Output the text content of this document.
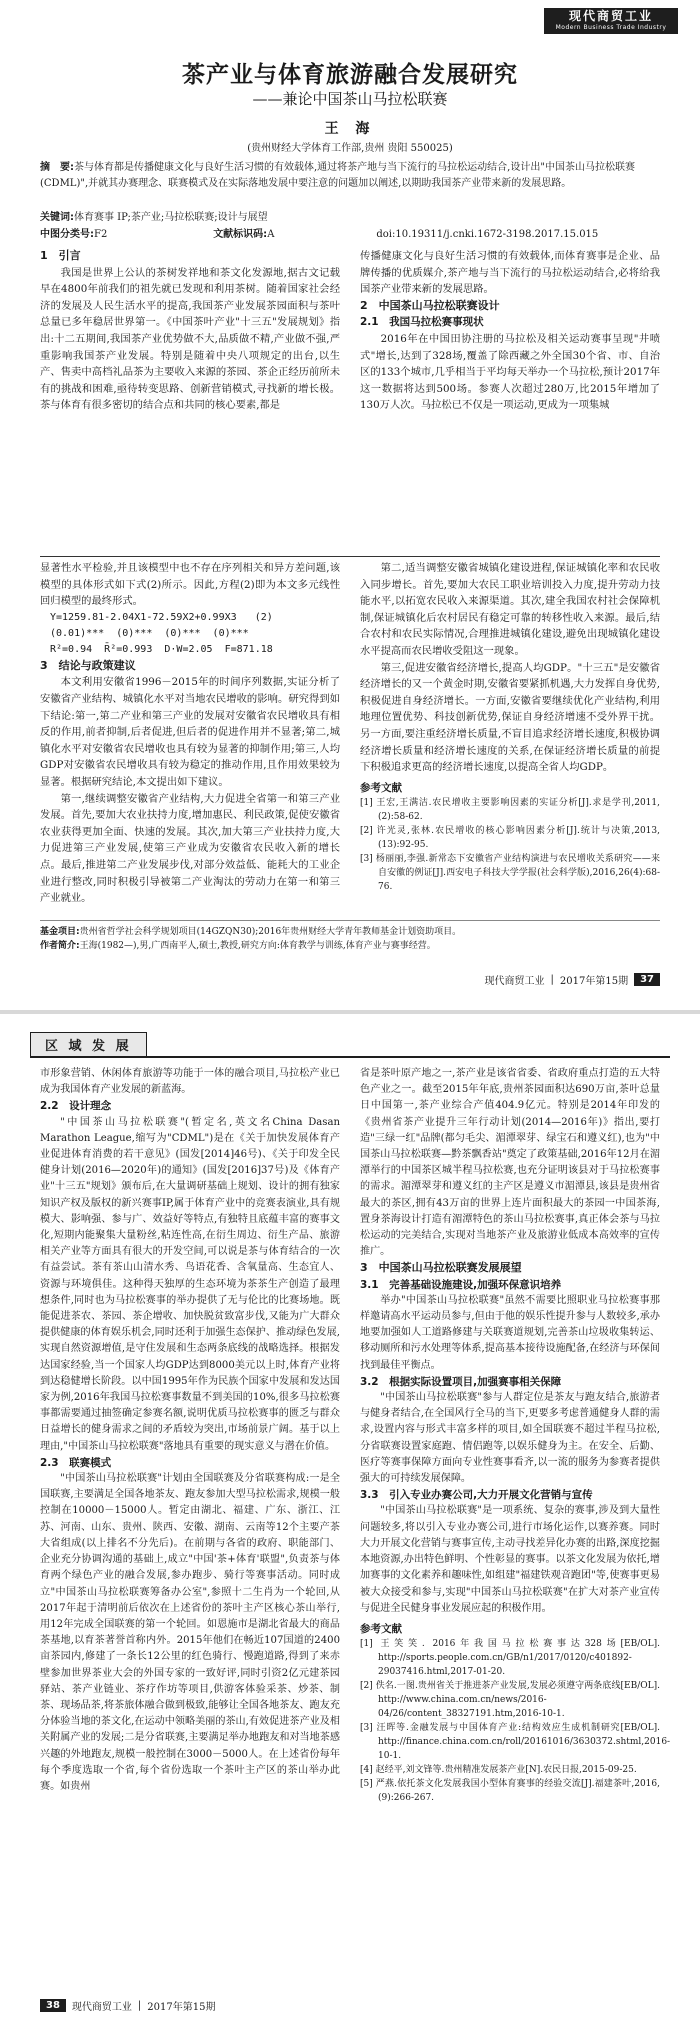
现代商贸工业
Modern Business Trade Industry
茶产业与体育旅游融合发展研究
——兼论中国茶山马拉松联赛
王 海
(贵州财经大学体育工作部,贵州 贵阳 550025)
摘　要:茶与体育都是传播健康文化与良好生活习惯的有效载体,通过将茶产地与当下流行的马拉松运动结合,设计出"中国茶山马拉松联赛(CDML)",并就其办赛理念、联赛模式及在实际落地发展中要注意的问题加以阐述,以期助我国茶产业带来新的发展思路。
关键词:体育赛事 IP;茶产业;马拉松联赛;设计与展望
中图分类号:F2	文献标识码:A	doi:10.19311/j.cnki.1672-3198.2017.15.015

1　引言

我国是世界上公认的茶树发祥地和茶文化发源地,据古文记载早在4800年前我们的祖先就已发现和利用茶树。随着国家社会经济的发展及人民生活水平的提高,我国茶产业发展茶园面积与茶叶总量已多年稳居世界第一。《中国茶叶产业"十三五"发展规划》指出:十二五期间,我国茶产业优势做不大,品质做不精,产业做不强,严重影响我国茶产业发展。特别是随着中央八项规定的出台,以生产、售卖中高档礼品茶为主要收入来源的茶园、茶企正经历前所未有的挑战和困难,亟待转变思路、创新营销模式,寻找新的增长极。茶与体育有很多密切的结合点和共同的核心要素,都是

传播健康文化与良好生活习惯的有效载体,而体育赛事是企业、品牌传播的优质媒介,茶产地与当下流行的马拉松运动结合,必将给我国茶产业带来新的发展思路。

2　中国茶山马拉松联赛设计

2.1　我国马拉松赛事现状

2016年在中国田协注册的马拉松及相关运动赛事呈现"井喷式"增长,达到了328场,覆盖了除西藏之外全国30个省、市、自治区的133个城市,几乎相当于平均每天举办一个马拉松,预计2017年这一数据将达到500场。参赛人次超过280万,比2015年增加了130万人次。马拉松已不仅是一项运动,更成为一项集城

显著性水平检验,并且该模型中也不存在序列相关和异方差问题,该模型的具体形式如下式(2)所示。因此,方程(2)即为本文多元线性回归模型的最终形式。

Y=1259.81-2.04X1-72.59X2+0.99X3   (2)
(0.01)***  (0)***  (0)***  (0)***
R²=0.94  R̄²=0.993  D·W=2.05  F=871.18

3　结论与政策建议

本文利用安徽省1996－2015年的时间序列数据,实证分析了安徽省产业结构、城镇化水平对当地农民增收的影响。研究得到如下结论:第一,第二产业和第三产业的发展对安徽省农民增收具有相反的作用,前者抑制,后者促进,但后者的促进作用并不显著;第二,城镇化水平对安徽省农民增收也具有较为显著的抑制作用;第三,人均GDP对安徽省农民增收具有较为稳定的推动作用,且作用效果较为显著。根据研究结论,本文提出如下建议。

第一,继续调整安徽省产业结构,大力促进全省第一和第三产业发展。首先,要加大农业扶持力度,增加惠民、利民政策,促使安徽省农业获得更加全面、快速的发展。其次,加大第三产业扶持力度,大力促进第三产业发展,使第三产业成为安徽省农民收入新的增长点。最后,推进第二产业发展步伐,对部分效益低、能耗大的工业企业进行整改,同时积极引导被第二产业淘汰的劳动力在第一和第三产业就业。

第二,适当调整安徽省城镇化建设进程,保证城镇化率和农民收入同步增长。首先,要加大农民工职业培训投入力度,提升劳动力技能水平,以拓宽农民收入来源渠道。其次,建全我国农村社会保障机制,保证城镇化后农村居民有稳定可靠的转移性收入来源。最后,结合农村和农民实际情况,合理推进城镇化建设,避免出现城镇化建设水平提高而农民增收受阻这一现象。

第三,促进安徽省经济增长,提高人均GDP。"十三五"是安徽省经济增长的又一个黄金时期,安徽省要紧抓机遇,大力发挥自身优势,积极促进自身经济增长。一方面,安徽省要继续优化产业结构,利用地理位置优势、科技创新优势,保证自身经济增速不受外界干扰。另一方面,要注重经济增长质量,不盲目追求经济增长速度,积极协调经济增长质量和经济增长速度的关系,在保证经济增长质量的前提下积极追求更高的经济增长速度,以提高全省人均GDP。

参考文献

[1] 王宏,王满洁.农民增收主要影响因素的实证分析[J].求是学刊,2011,(2):58-62.
[2] 许光灵,张林.农民增收的核心影响因素分析[J].统计与决策,2013,(13):92-95.
[3] 杨丽丽,李强.新常态下安徽省产业结构演进与农民增收关系研究——来自安徽的例证[J].西安电子科技大学学报(社会科学版),2016,26(4):68-76.
基金项目:贵州省哲学社会科学规划项目(14GZQN30);2016年贵州财经大学青年教师基金计划资助项目。
作者简介:王海(1982—),男,广西南平人,硕士,教授,研究方向:体育教学与训练,体育产业与赛事经营。
现代商贸工业 | 2017年第15期	37
区 域 发 展

市形象营销、休闲体育旅游等功能于一体的融合项目,马拉松产业已成为我国体育产业发展的新蓝海。

2.2　设计理念

"中国茶山马拉松联赛"(暂定名,英文名China Dasan Marathon League,缩写为"CDML")是在《关于加快发展体育产业促进体育消费的若干意见》(国发[2014]46号)、《关于印发全民健身计划(2016—2020年)的通知》(国发[2016]37号)及《体育产业"十三五"规划》颁布后,在大量调研基础上规划、设计的拥有独家知识产权及版权的新兴赛事IP,属于体育产业中的竞赛表演业,具有规模大、影响强、参与广、效益好等特点,有独特且底蕴丰富的赛事文化,短期内能聚集大量粉丝,粘连性高,在衍生周边、衍生产品、旅游相关产业等方面具有很大的开发空间,可以说是茶与体育结合的一次有益尝试。茶有茶山山清水秀、鸟语花香、含氧量高、生态宜人、资源与环境俱佳。这种得天独厚的生态环境为茶茶生产创造了最理想条件,同时也为马拉松赛事的举办提供了无与伦比的比赛场地。既能促进茶农、茶园、茶企增收、加快脱贫致富步伐,又能为广大群众提供健康的体育娱乐机会,同时还利于加强生态保护、推动绿色发展,实现自然资源增值,是守住发展和生态两条底线的战略选择。根据发达国家经验,当一个国家人均GDP达到8000美元以上时,体育产业将到达稳健增长阶段。以中国1995年作为民族个国家中发展和发达国家为例,2016年我国马拉松赛事数量不到美国的10%,很多马拉松赛事都需要通过抽签确定参赛名额,说明优质马拉松赛事的匮乏与群众日益增长的健身需求之间的矛盾较为突出,市场前景广阔。基于以上理由,"中国茶山马拉松联赛"落地具有重要的现实意义与潜在价值。

2.3　联赛模式

"中国茶山马拉松联赛"计划由全国联赛及分省联赛构成:一是全国联赛,主要满足全国各地茶友、跑友参加大型马拉松需求,规模一般控制在10000－15000人。暂定由湖北、福建、广东、浙江、江苏、河南、山东、贵州、陕西、安徽、湖南、云南等12个主要产茶大省组成(以上排名不分先后)。在前期与各省的政府、职能部门、企业充分协调沟通的基础上,成立"中国'茶+体育'联盟",负责茶与体育两个绿色产业的融合发展,参办跑步、骑行等赛事活动。同时成立"中国茶山马拉松联赛筹备办公室",参照十二生肖为一个轮回,从2017年起于清明前后依次在上述省份的茶叶主产区核心茶山举行,用12年完成全国联赛的第一个轮回。如恩施市是湖北省最大的商品茶基地,以育茶著誉首称内外。2015年他们在畅近107国道的2400亩茶园内,修建了一条长12公里的红色骑行、慢跑道路,得到了来赤壁参加世界茶业大会的外国专家的一致好评,同时引资2亿元建茶园驿站、茶产业链业、茶疗作坊等项目,供游客体验采茶、炒茶、制茶、现场品茶,将茶旅体融合做到极致,能够让全国各地茶友、跑友充分体验当地的茶文化,在运动中领略美丽的茶山,有效促进茶产业及相关附属产业的发展;二是分省联赛,主要满足举办地跑友和对当地茶感兴趣的外地跑友,规模一般控制在3000－5000人。在上述省份每年每个季度选取一个省,每个省份选取一个茶叶主产区的茶山举办此赛。如贵州

省是茶叶原产地之一,茶产业是该省省委、省政府重点打造的五大特色产业之一。截至2015年年底,贵州茶园面积达690万亩,茶叶总量日中国第一,茶产业综合产值404.9亿元。特别是2014年印发的《贵州省茶产业提升三年行动计划(2014—2016年)》指出,要打造"三绿一红"品牌(都匀毛尖、湄潭翠芽、绿宝石和遵义红),也为"中国茶山马拉松联赛—黔茶飘香站"奠定了政策基础,2016年12月在湄潭举行的中国茶区城半程马拉松赛,也充分证明该县对于马拉松赛事的需求。湄潭翠芽和遵义红的主产区是遵义市湄潭县,该县是贵州省最大的茶区,拥有43万亩的世界上连片面积最大的茶园一中国茶海,置身茶海设计打造有湄潭特色的茶山马拉松赛事,真正体会茶与马拉松运动的完美结合,实现对当地茶产业及旅游业低成本高效率的宣传推广。

3　中国茶山马拉松联赛发展展望

3.1　完善基础设施建设,加强环保意识培养

举办"中国茶山马拉松联赛"虽然不需要比照职业马拉松赛事那样邀请高水平运动员参与,但由于他的娱乐性提升参与人数较多,承办地要加强如人工道路修建与关联赛道规划,完善茶山垃圾收集转运、移动厕所和污水处理等体系,提高基本接待设施配备,在经济与环保间找到最佳平衡点。

3.2　根据实际设置项目,加强赛事相关保障

"中国茶山马拉松联赛"参与人群定位是茶友与跑友结合,旅游者与健身者结合,在全国风行全马的当下,更要多考虑普通健身人群的需求,设置内容与形式丰富多样的项目,如全国联赛不超过半程马拉松,分省联赛设置家庭跑、情侣跑等,以娱乐健身为主。在安全、后勤、医疗等赛事保障方面向专业性赛事看齐,以一流的服务为参赛者提供强大的可持续发展保障。

3.3　引入专业办赛公司,大力开展文化营销与宣传

"中国茶山马拉松联赛"是一项系统、复杂的赛事,涉及到大量性问题较多,将以引入专业办赛公司,进行市场化运作,以赛养赛。同时大力开展文化营销与赛事宣传,主动寻找差异化办赛的出路,深度挖掘本地资源,办出特色鲜明、个性彰显的赛事。以茶文化发展为依托,增加赛事的文化素养和趣味性,如组建"福建铁观音跑团"等,使赛事更易被大众接受和参与,实现"中国茶山马拉松联赛"在扩大对茶产业宣传与促进全民健身事业发展应起的积极作用。

参考文献

[1] 王笑笑. 2016年我国马拉松赛事达328场[EB/OL]. http://sports.people.com.cn/GB/n1/2017/0120/c401892-29037416.html,2017-01-20.
[2] 佚名.一图.贵州省关于推进茶产业发展,发展必须遵守两条底线[EB/OL]. http://www.china.com.cn/news/2016-04/26/content_38327191.htm,2016-10-1.
[3] 汪晖等.金融发展与中国体育产业:结构效应生成机制研究[EB/OL]. http://finance.china.com.cn/roll/20161016/3630372.shtml,2016-10-1.
[4] 赵经平,刘文锋等.贵州精准发展茶产业[N].农民日报,2015-09-25.
[5] 严燕.依托茶文化发展我国小型体育赛事的经验交流[J].福建茶叶,2016,(9):266-267.
38	现代商贸工业 | 2017年第15期
